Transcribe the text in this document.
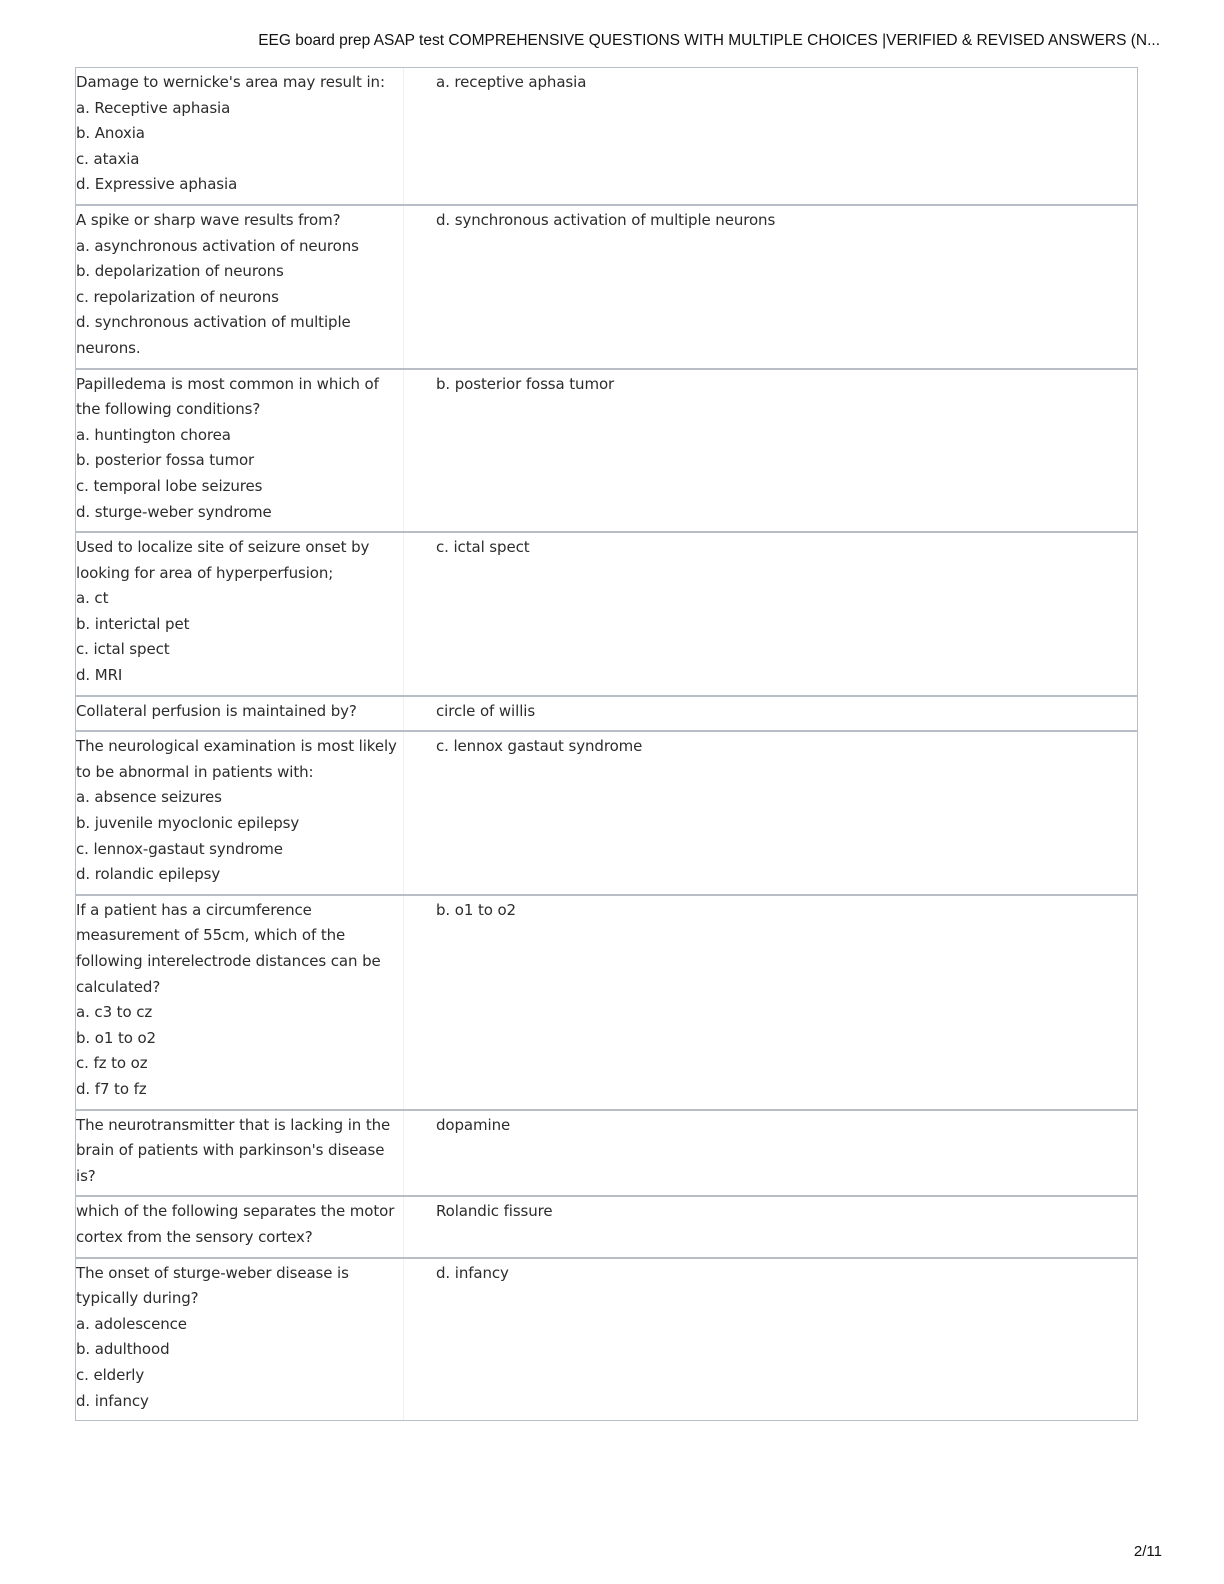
EEG board prep ASAP test COMPREHENSIVE QUESTIONS WITH MULTIPLE CHOICES |VERIFIED & REVISED ANSWERS (N...
Damage to wernicke's area may result in:
a. Receptive aphasia
b. Anoxia
c. ataxia
d. Expressive aphasia
a. receptive aphasia
A spike or sharp wave results from?
a. asynchronous activation of neurons
b. depolarization of neurons
c. repolarization of neurons
d. synchronous activation of multiple
neurons.
d. synchronous activation of multiple neurons
Papilledema is most common in which of
the following conditions?
a. huntington chorea
b. posterior fossa tumor
c. temporal lobe seizures
d. sturge-weber syndrome
b. posterior fossa tumor
Used to localize site of seizure onset by
looking for area of hyperperfusion;
a. ct
b. interictal pet
c. ictal spect
d. MRI
c. ictal spect
Collateral perfusion is maintained by?	circle of willis
The neurological examination is most likely
to be abnormal in patients with:
a. absence seizures
b. juvenile myoclonic epilepsy
c. lennox-gastaut syndrome
d. rolandic epilepsy
c. lennox gastaut syndrome
If a patient has a circumference
measurement of 55cm, which of the
following interelectrode distances can be
calculated?
a. c3 to cz
b. o1 to o2
c. fz to oz
d. f7 to fz
b. o1 to o2
The neurotransmitter that is lacking in the
brain of patients with parkinson's disease
is?
dopamine
which of the following separates the motor
cortex from the sensory cortex?
Rolandic fissure
The onset of sturge-weber disease is
typically during?
a. adolescence
b. adulthood
c. elderly
d. infancy
d. infancy
2/11
